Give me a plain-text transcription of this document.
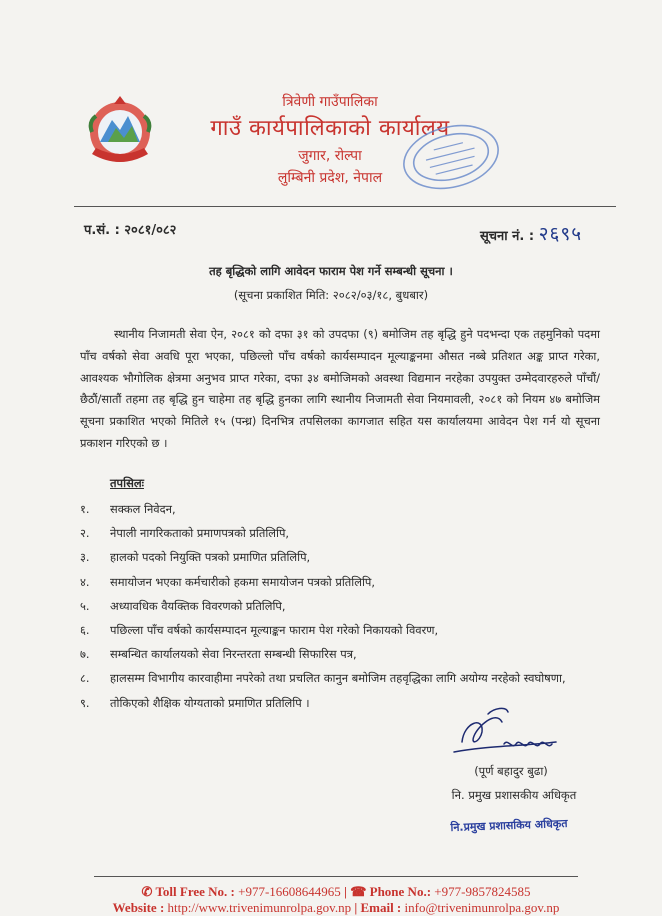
त्रिवेणी गाउँपालिका
गाउँ कार्यपालिकाको कार्यालय
जुगार, रोल्पा
लुम्बिनी प्रदेश, नेपाल
प.सं. : २०८१/०८२	सूचना नं. : २६९५
तह बृद्धिको लागि आवेदन फाराम पेश गर्ने सम्बन्धी सूचना ।
(सूचना प्रकाशित मिति: २०८२/०३/१८, बुधबार)
स्थानीय निजामती सेवा ऐन, २०८१ को दफा ३१ को उपदफा (९) बमोजिम तह बृद्धि हुने पदभन्दा एक तहमुनिको पदमा पाँच वर्षको सेवा अवधि पूरा भएका, पछिल्लो पाँच वर्षको कार्यसम्पादन मूल्याङ्कनमा औसत नब्बे प्रतिशत अङ्क प्राप्त गरेका, आवश्यक भौगोलिक क्षेत्रमा अनुभव प्राप्त गरेका, दफा ३४ बमोजिमको अवस्था विद्यमान नरहेका उपयुक्त उम्मेदवारहरुले पाँचौं/छैठौं/सातौं तहमा तह बृद्धि हुन चाहेमा तह बृद्धि हुनका लागि स्थानीय निजामती सेवा नियमावली, २०८१ को नियम ४७ बमोजिम सूचना प्रकाशित भएको मितिले १५ (पन्ध्र) दिनभित्र तपसिलका कागजात सहित यस कार्यालयमा आवेदन पेश गर्न यो सूचना प्रकाशन गरिएको छ ।
तपसिलः
१.	सक्कल निवेदन,
२.	नेपाली नागरिकताको प्रमाणपत्रको प्रतिलिपि,
३.	हालको पदको नियुक्ति पत्रको प्रमाणित प्रतिलिपि,
४.	समायोजन भएका कर्मचारीको हकमा समायोजन पत्रको प्रतिलिपि,
५.	अध्यावधिक वैयक्तिक विवरणको प्रतिलिपि,
६.	पछिल्ला पाँच वर्षको कार्यसम्पादन मूल्याङ्कन फाराम पेश गरेको निकायको विवरण,
७.	सम्बन्धित कार्यालयको सेवा निरन्तरता सम्बन्धी सिफारिस पत्र,
८.	हालसम्म विभागीय कारवाहीमा नपरेको तथा प्रचलित कानुन बमोजिम तहवृद्धिका लागि अयोग्य नरहेको स्वघोषणा,
९.	तोकिएको शैक्षिक योग्यताको प्रमाणित प्रतिलिपि ।
(पूर्ण बहादुर बुढा)
नि. प्रमुख प्रशासकीय अधिकृत
नि.प्रमुख प्रशासकिय अधिकृत
✆ Toll Free No. : +977-16608644965 | ☎ Phone No.: +977-9857824585
Website : http://www.trivenimunrolpa.gov.np | Email : info@trivenimunrolpa.gov.np
